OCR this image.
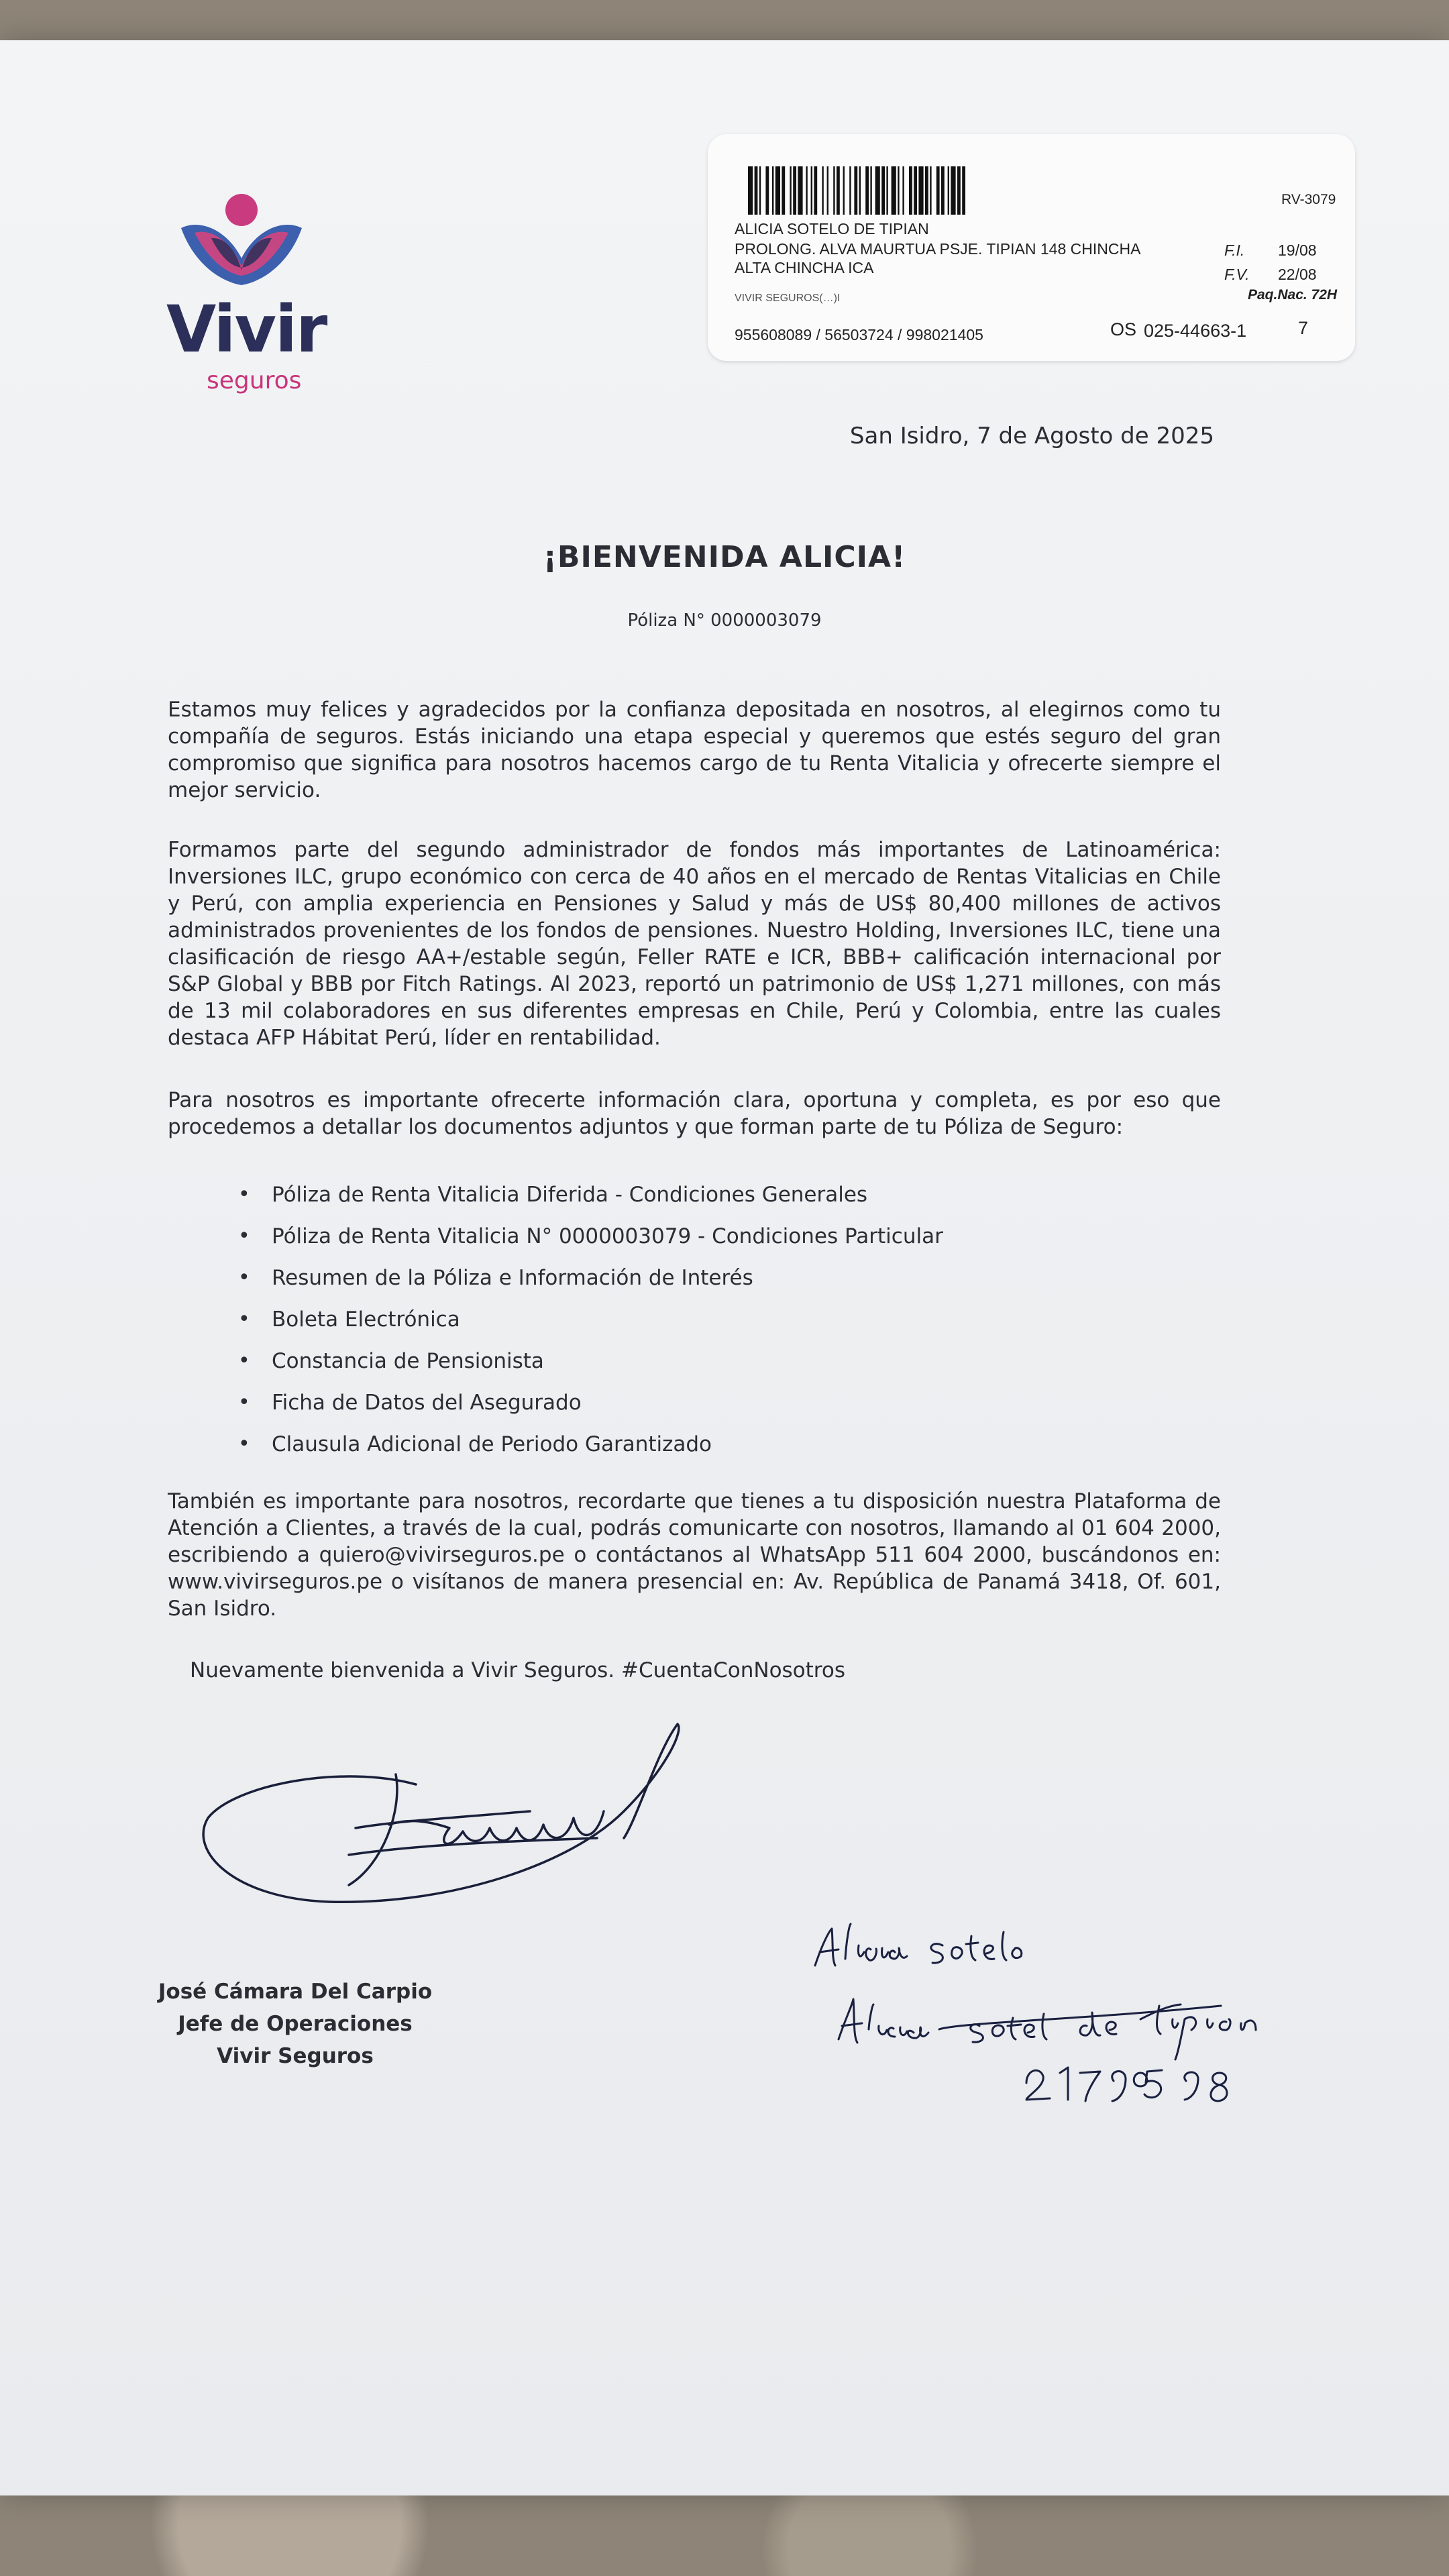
Vivir
seguros
RV-3079
ALICIA SOTELO DE TIPIAN
PROLONG. ALVA MAURTUA PSJE. TIPIAN 148 CHINCHA
ALTA CHINCHA ICA
F.I. 19/08
F.V. 22/08
Paq.Nac. 72H
VIVIR SEGUROS(…)I
955608089 / 56503724 / 998021405	OS 025-44663-1	7
San Isidro, 7 de Agosto de 2025
¡BIENVENIDA ALICIA!
Póliza N° 0000003079

Estamos muy felices y agradecidos por la confianza depositada en nosotros, al elegirnos como tu compañía de seguros. Estás iniciando una etapa especial y queremos que estés seguro del gran compromiso que significa para nosotros hacemos cargo de tu Renta Vitalicia y ofrecerte siempre el mejor servicio.

Formamos parte del segundo administrador de fondos más importantes de Latinoamérica: Inversiones ILC, grupo económico con cerca de 40 años en el mercado de Rentas Vitalicias en Chile y Perú, con amplia experiencia en Pensiones y Salud y más de US$ 80,400 millones de activos administrados provenientes de los fondos de pensiones. Nuestro Holding, Inversiones ILC, tiene una clasificación de riesgo AA+/estable según, Feller RATE e ICR, BBB+ calificación internacional por S&P Global y BBB por Fitch Ratings. Al 2023, reportó un patrimonio de US$ 1,271 millones, con más de 13 mil colaboradores en sus diferentes empresas en Chile, Perú y Colombia, entre las cuales destaca AFP Hábitat Perú, líder en rentabilidad.

Para nosotros es importante ofrecerte información clara, oportuna y completa, es por eso que procedemos a detallar los documentos adjuntos y que forman parte de tu Póliza de Seguro:

• Póliza de Renta Vitalicia Diferida - Condiciones Generales
• Póliza de Renta Vitalicia N° 0000003079 - Condiciones Particular
• Resumen de la Póliza e Información de Interés
• Boleta Electrónica
• Constancia de Pensionista
• Ficha de Datos del Asegurado
• Clausula Adicional de Periodo Garantizado

También es importante para nosotros, recordarte que tienes a tu disposición nuestra Plataforma de Atención a Clientes, a través de la cual, podrás comunicarte con nosotros, llamando al 01 604 2000, escribiendo a quiero@vivirseguros.pe o contáctanos al WhatsApp 511 604 2000, buscándonos en: www.vivirseguros.pe o visítanos de manera presencial en: Av. República de Panamá 3418, Of. 601, San Isidro.

Nuevamente bienvenida a Vivir Seguros. #CuentaConNosotros
José Cámara Del Carpio
Jefe de Operaciones
Vivir Seguros
